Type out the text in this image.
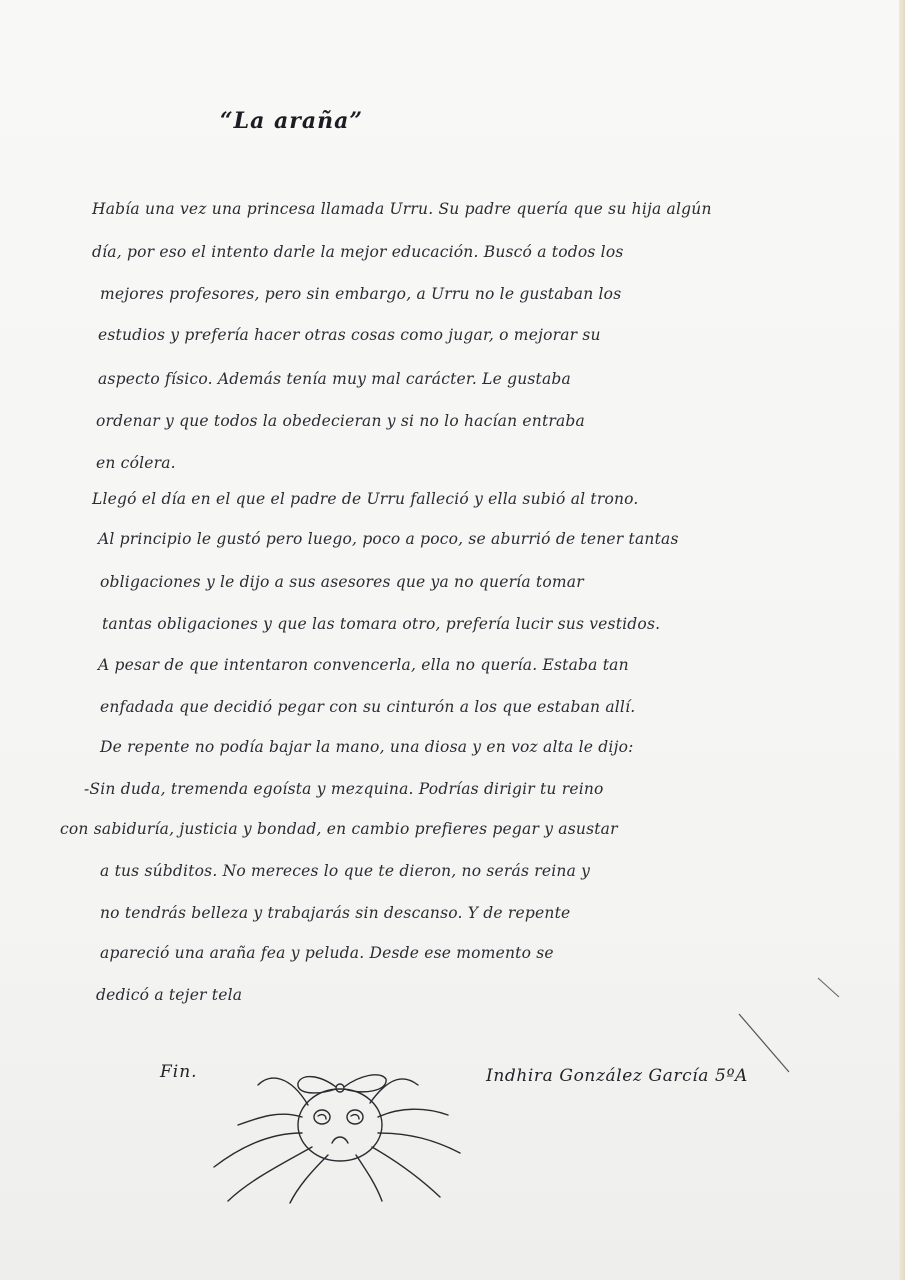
“La araña”
Había una vez una princesa llamada Urru. Su padre quería que su hija algún
día, por eso el intento darle la mejor educación. Buscó a todos los
mejores profesores, pero sin embargo, a Urru no le gustaban los
estudios y prefería hacer otras cosas como jugar, o mejorar su
aspecto físico. Además tenía muy mal carácter. Le gustaba
ordenar y que todos la obedecieran y si no lo hacían entraba
en cólera.
Llegó el día en el que el padre de Urru falleció y ella subió al trono.
Al principio le gustó pero luego, poco a poco, se aburrió de tener tantas
obligaciones y le dijo a sus asesores que ya no quería tomar
tantas obligaciones y que las tomara otro, prefería lucir sus vestidos.
A pesar de que intentaron convencerla, ella no quería. Estaba tan
enfadada que decidió pegar con su cinturón a los que estaban allí.
De repente no podía bajar la mano, una diosa y en voz alta le dijo:
-Sin duda, tremenda egoísta y mezquina. Podrías dirigir tu reino
con sabiduría, justicia y bondad, en cambio prefieres pegar y asustar
a tus súbditos. No mereces lo que te dieron, no serás reina y
no tendrás belleza y trabajarás sin descanso. Y de repente
apareció una araña fea y peluda. Desde ese momento se
dedicó a tejer tela
Fin.	Indhira González García 5ºA
